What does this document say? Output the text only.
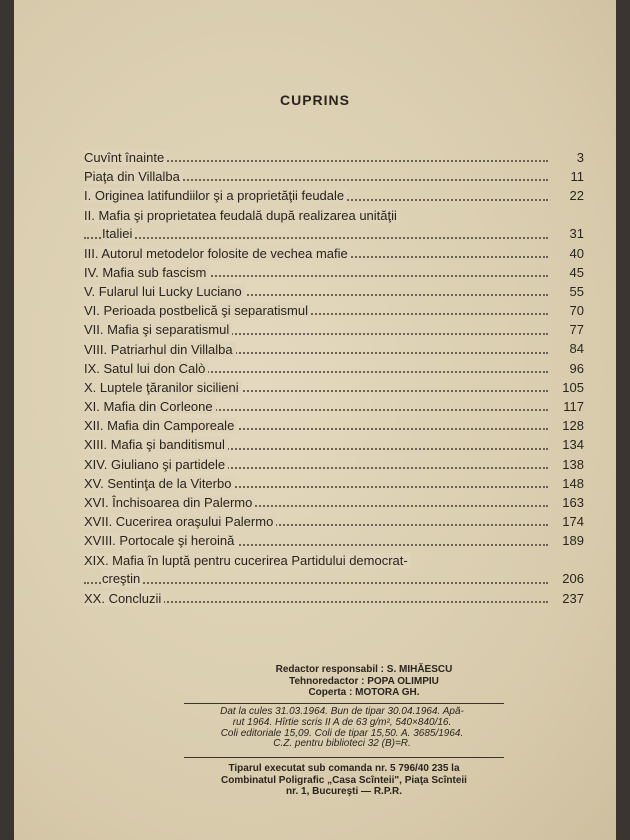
CUPRINS
Cuvînt înainte	3
Piaţa din Villalba	11
I. Originea latifundiilor şi a proprietăţii feudale	22
II. Mafia şi proprietatea feudală după realizarea unităţii
Italiei	31
III. Autorul metodelor folosite de vechea mafie	40
IV. Mafia sub fascism	45
V. Fularul lui Lucky Luciano	55
VI. Perioada postbelică şi separatismul	70
VII. Mafia şi separatismul	77
VIII. Patriarhul din Villalba	84
IX. Satul lui don Calò	96
X. Luptele ţăranilor sicilieni	105
XI. Mafia din Corleone	117
XII. Mafia din Camporeale	128
XIII. Mafia şi banditismul	134
XIV. Giuliano şi partidele	138
XV. Sentinţa de la Viterbo	148
XVI. Închisoarea din Palermo	163
XVII. Cucerirea oraşului Palermo	174
XVIII. Portocale şi heroină	189
XIX. Mafia în luptă pentru cucerirea Partidului democrat-
creştin	206
XX. Concluzii	237
Redactor responsabil : S. MIHĂESCU
Tehnoredactor : POPA OLIMPIU
Coperta : MOTORA GH.
Dat la cules 31.03.1964. Bun de tipar 30.04.1964. Apă-
rut 1964. Hîrtie scris II A de 63 g/m², 540×840/16.
Coli editoriale 15,09. Coli de tipar 15,50. A. 3685/1964.
C.Z. pentru biblioteci 32 (B)=R.
Tiparul executat sub comanda nr. 5 796/40 235 la
Combinatul Poligrafic „Casa Scînteii", Piaţa Scînteii
nr. 1, Bucureşti — R.P.R.
